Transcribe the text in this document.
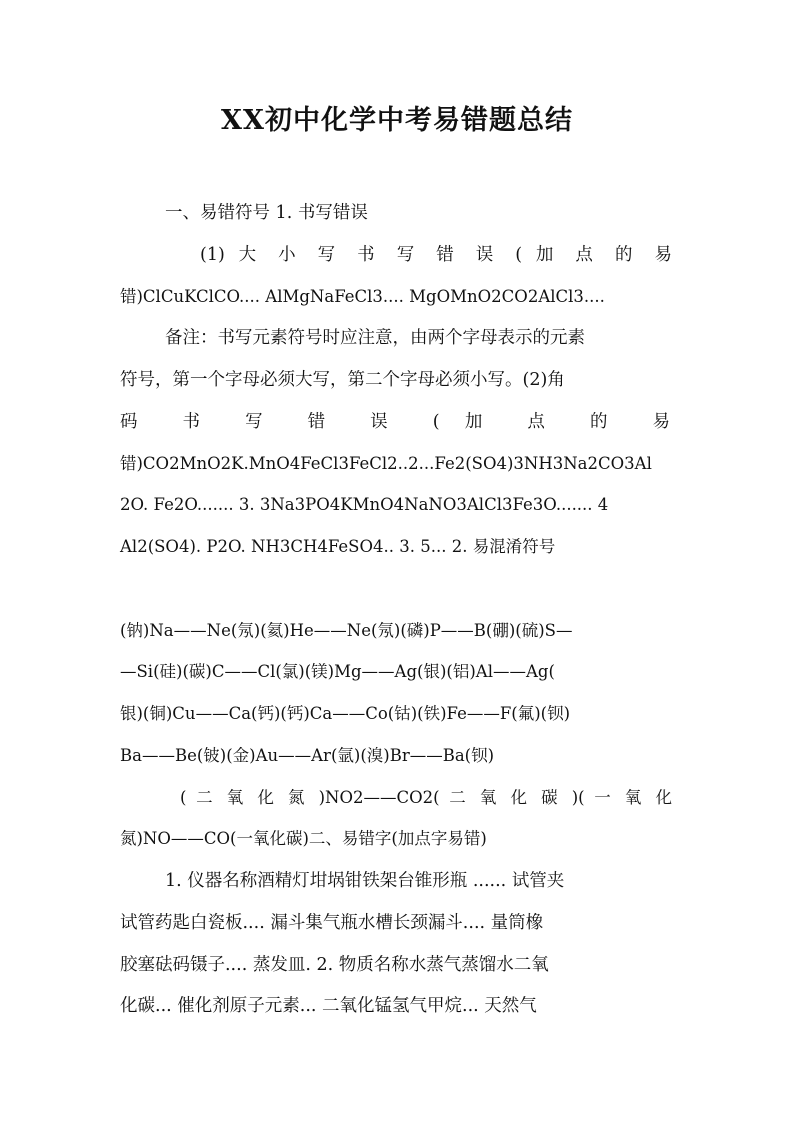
XX初中化学中考易错题总结
一、易错符号 1. 书写错误
(1) 大 小 写 书 写 错 误 ( 加 点 的 易
错)ClCuKClCO.... AlMgNaFeCl3.... MgOMnO2CO2AlCl3....
备注：书写元素符号时应注意，由两个字母表示的元素
符号，第一个字母必须大写，第二个字母必须小写。(2)角
码 书 写 错 误 ( 加 点 的 易
错)CO2MnO2K.MnO4FeCl3FeCl2..2...Fe2(SO4)3NH3Na2CO3Al
2O. Fe2O....... 3. 3Na3PO4KMnO4NaNO3AlCl3Fe3O....... 4
Al2(SO4). P2O. NH3CH4FeSO4.. 3. 5... 2. 易混淆符号
(钠)Na——Ne(氖)(氦)He——Ne(氖)(磷)P——B(硼)(硫)S—
—Si(硅)(碳)C——Cl(氯)(镁)Mg——Ag(银)(铝)Al——Ag(
银)(铜)Cu——Ca(钙)(钙)Ca——Co(钴)(铁)Fe——F(氟)(钡)
Ba——Be(铍)(金)Au——Ar(氩)(溴)Br——Ba(钡)
( 二 氧 化 氮 )NO2——CO2( 二 氧 化 碳 )( 一 氧 化
氮)NO——CO(一氧化碳)二、易错字(加点字易错)
1. 仪器名称酒精灯坩埚钳铁架台锥形瓶 ...... 试管夹
试管药匙白瓷板.... 漏斗集气瓶水槽长颈漏斗.... 量筒橡
胶塞砝码镊子.... 蒸发皿. 2. 物质名称水蒸气蒸馏水二氧
化碳... 催化剂原子元素... 二氧化锰氢气甲烷... 天然气
